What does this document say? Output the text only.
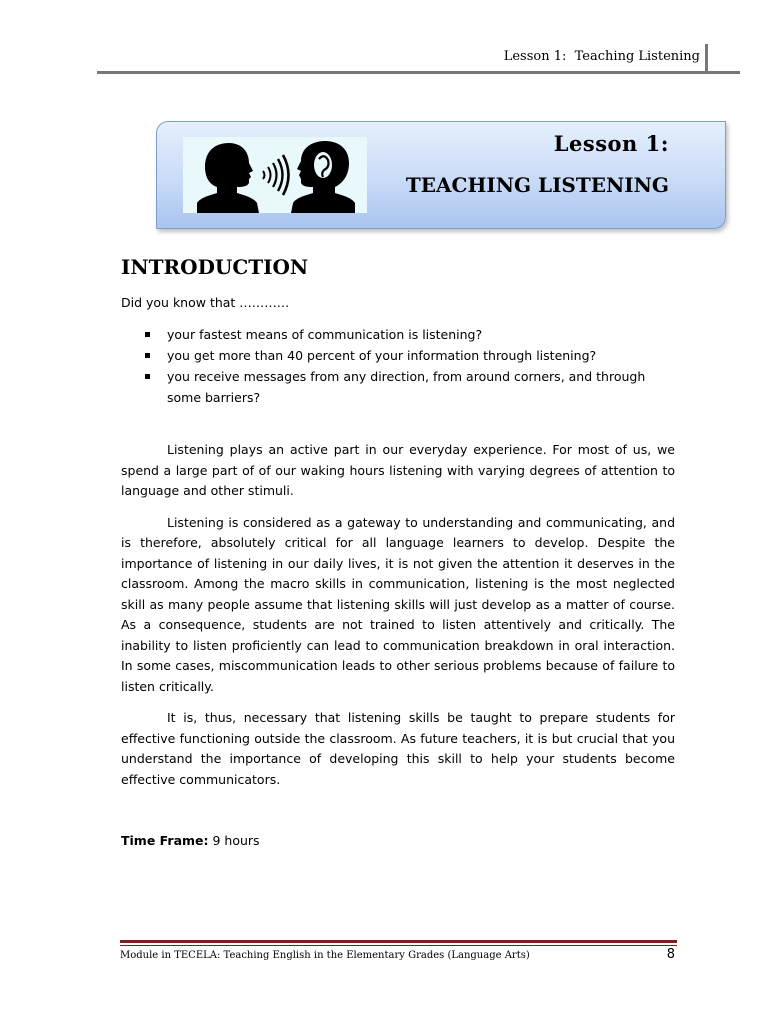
Lesson 1:  Teaching Listening
Lesson 1:
TEACHING LISTENING
INTRODUCTION

Did you know that …………

your fastest means of communication is listening?
you get more than 40 percent of your information through listening?
you receive messages from any direction, from around corners, and through some barriers?

Listening plays an active part in our everyday experience. For most of us, we spend a large part of of our waking hours listening with varying degrees of attention to language and other stimuli.

Listening is considered as a gateway to understanding and communicating, and is therefore, absolutely critical for all language learners to develop. Despite the importance of listening in our daily lives, it is not given the attention it deserves in the classroom. Among the macro skills in communication, listening is the most neglected skill as many people assume that listening skills will just develop as a matter of course. As a consequence, students are not trained to listen attentively and critically. The inability to listen proficiently can lead to communication breakdown in oral interaction. In some cases, miscommunication leads to other serious problems because of failure to listen critically.

It is, thus, necessary that listening skills be taught to prepare students for effective functioning outside the classroom. As future teachers, it is but crucial that you understand the importance of developing this skill to help your students become effective communicators.

Time Frame: 9 hours
Module in TECELA: Teaching English in the Elementary Grades (Language Arts)	8
